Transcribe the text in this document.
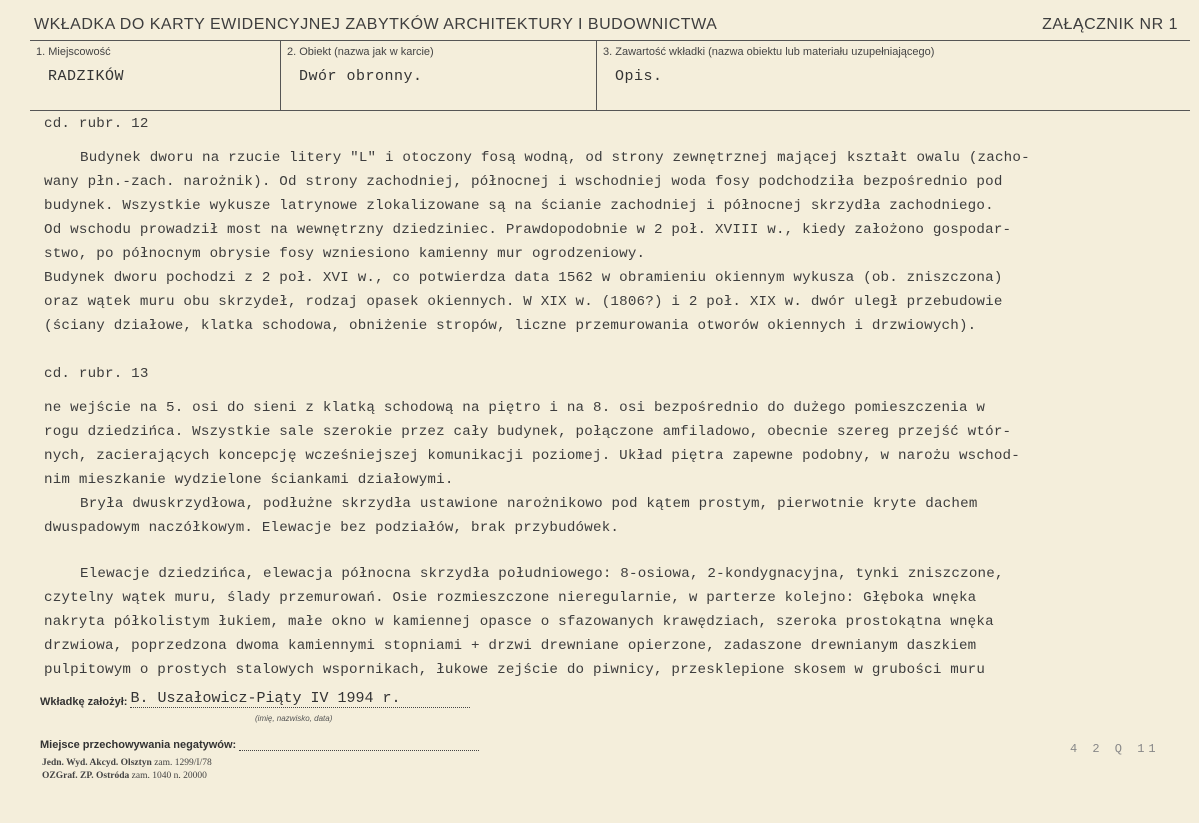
WKŁADKA DO KARTY EWIDENCYJNEJ ZABYTKÓW ARCHITEKTURY I BUDOWNICTWA	ZAŁĄCZNIK NR 1
1. Miejscowość
RADZIKÓW
2. Obiekt (nazwa jak w karcie)
Dwór obronny.
3. Zawartość wkładki (nazwa obiektu lub materiału uzupełniającego)
Opis.
cd. rubr. 12
Budynek dworu na rzucie litery "L" i otoczony fosą wodną, od strony zewnętrznej mającej kształt owalu (zacho-
wany płn.-zach. narożnik). Od strony zachodniej, północnej i wschodniej woda fosy podchodziła bezpośrednio pod
budynek. Wszystkie wykusze latrynowe zlokalizowane są na ścianie zachodniej i północnej skrzydła zachodniego.
Od wschodu prowadził most na wewnętrzny dziedziniec. Prawdopodobnie w 2 poł. XVIII w., kiedy założono gospodar-
stwo, po północnym obrysie fosy wzniesiono kamienny mur ogrodzeniowy.
Budynek dworu pochodzi z 2 poł. XVI w., co potwierdza data 1562 w obramieniu okiennym wykusza (ob. zniszczona)
oraz wątek muru obu skrzydeł, rodzaj opasek okiennych. W XIX w. (1806?) i 2 poł. XIX w. dwór uległ przebudowie
(ściany działowe, klatka schodowa, obniżenie stropów, liczne przemurowania otworów okiennych i drzwiowych).
cd. rubr. 13
ne wejście na 5. osi do sieni z klatką schodową na piętro i na 8. osi bezpośrednio do dużego pomieszczenia w
rogu dziedzińca. Wszystkie sale szerokie przez cały budynek, połączone amfiladowo, obecnie szereg przejść wtór-
nych, zacierających koncepcję wcześniejszej komunikacji poziomej. Układ piętra zapewne podobny, w narożu wschod-
nim mieszkanie wydzielone ściankami działowymi.
Bryła dwuskrzydłowa, podłużne skrzydła ustawione narożnikowo pod kątem prostym, pierwotnie kryte dachem
dwuspadowym naczółkowym. Elewacje bez podziałów, brak przybudówek.
Elewacje dziedzińca, elewacja północna skrzydła południowego: 8-osiowa, 2-kondygnacyjna, tynki zniszczone,
czytelny wątek muru, ślady przemurowań. Osie rozmieszczone nieregularnie, w parterze kolejno: Głęboka wnęka
nakryta półkolistym łukiem, małe okno w kamiennej opasce o sfazowanych krawędziach, szeroka prostokątna wnęka
drzwiowa, poprzedzona dwoma kamiennymi stopniami + drzwi drewniane opierzone, zadaszone drewnianym daszkiem
pulpitowym o prostych stalowych wspornikach, łukowe zejście do piwnicy, przesklepione skosem w grubości muru
Wkładkę założył: B. Uszałowicz-Piąty IV 1994 r.
(imię, nazwisko, data)
Miejsce przechowywania negatywów:
Jedn. Wyd. Akcyd. Olsztyn zam. 1299/I/78
OZGraf. ZP. Ostróda zam. 1040 n. 20000
4 2 Q 11
